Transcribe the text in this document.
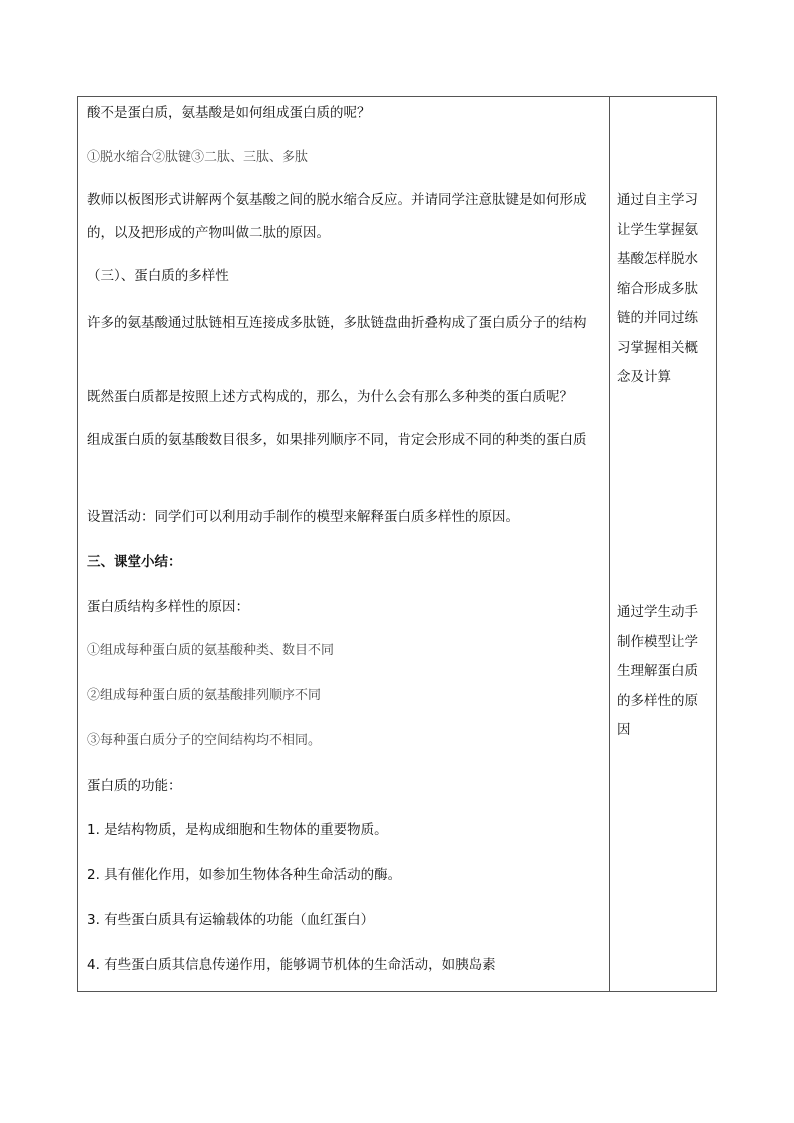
酸不是蛋白质，氨基酸是如何组成蛋白质的呢？
①脱水缩合②肽键③二肽、三肽、多肽
教师以板图形式讲解两个氨基酸之间的脱水缩合反应。并请同学注意肽键是如何形成的，以及把形成的产物叫做二肽的原因。
（三）、蛋白质的多样性
许多的氨基酸通过肽链相互连接成多肽链，多肽链盘曲折叠构成了蛋白质分子的结构
既然蛋白质都是按照上述方式构成的，那么，为什么会有那么多种类的蛋白质呢？
组成蛋白质的氨基酸数目很多，如果排列顺序不同，肯定会形成不同的种类的蛋白质
设置活动：同学们可以利用动手制作的模型来解释蛋白质多样性的原因。
三、课堂小结：
蛋白质结构多样性的原因：
①组成每种蛋白质的氨基酸种类、数目不同
②组成每种蛋白质的氨基酸排列顺序不同
③每种蛋白质分子的空间结构均不相同。
蛋白质的功能：
1. 是结构物质，是构成细胞和生物体的重要物质。
2. 具有催化作用，如参加生物体各种生命活动的酶。
3. 有些蛋白质具有运输载体的功能（血红蛋白）
4. 有些蛋白质其信息传递作用，能够调节机体的生命活动，如胰岛素
通过自主学习让学生掌握氨基酸怎样脱水缩合形成多肽链的并同过练习掌握相关概念及计算
通过学生动手制作模型让学生理解蛋白质的多样性的原因
